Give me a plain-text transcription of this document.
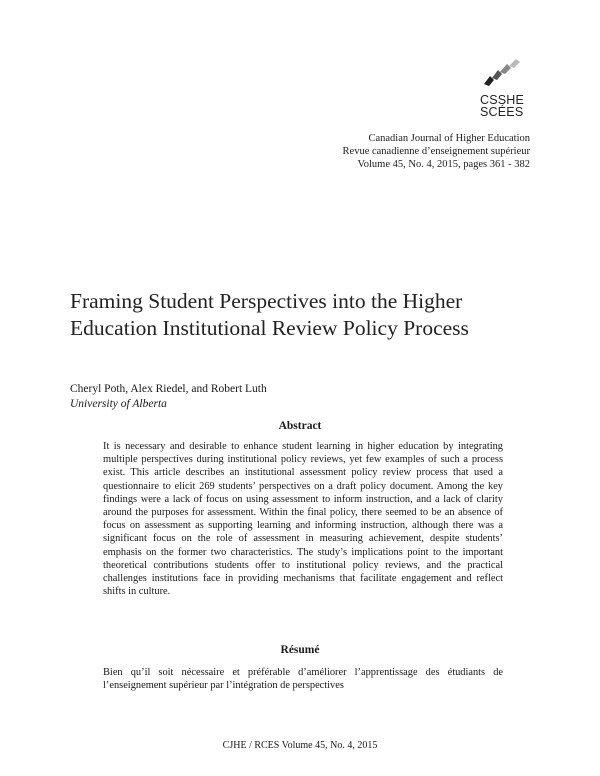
CSSHE
SCÉES
Canadian Journal of Higher Education
Revue canadienne d’enseignement supérieur
Volume 45, No. 4, 2015, pages 361 - 382
Framing Student Perspectives into the Higher Education Institutional Review Policy Process
Cheryl Poth, Alex Riedel, and Robert Luth
University of Alberta
Abstract

It is necessary and desirable to enhance student learning in higher education by integrating multiple perspectives during institutional policy reviews, yet few examples of such a process exist. This article describes an institutional assessment policy review process that used a questionnaire to elicit 269 students’ perspectives on a draft policy document. Among the key findings were a lack of focus on using assessment to inform instruction, and a lack of clarity around the purposes for assessment. Within the final policy, there seemed to be an absence of focus on assessment as supporting learning and informing instruction, although there was a significant focus on the role of assessment in measuring achievement, despite students’ emphasis on the former two characteristics. The study’s implications point to the important theoretical contributions students offer to institutional policy reviews, and the practical challenges institutions face in providing mechanisms that facilitate engagement and reflect shifts in culture.

Résumé

Bien qu’il soit nécessaire et préférable d’améliorer l’apprentissage des étudiants de l’enseignement supérieur par l’intégration de perspectives

CJHE / RCES Volume 45, No. 4, 2015
